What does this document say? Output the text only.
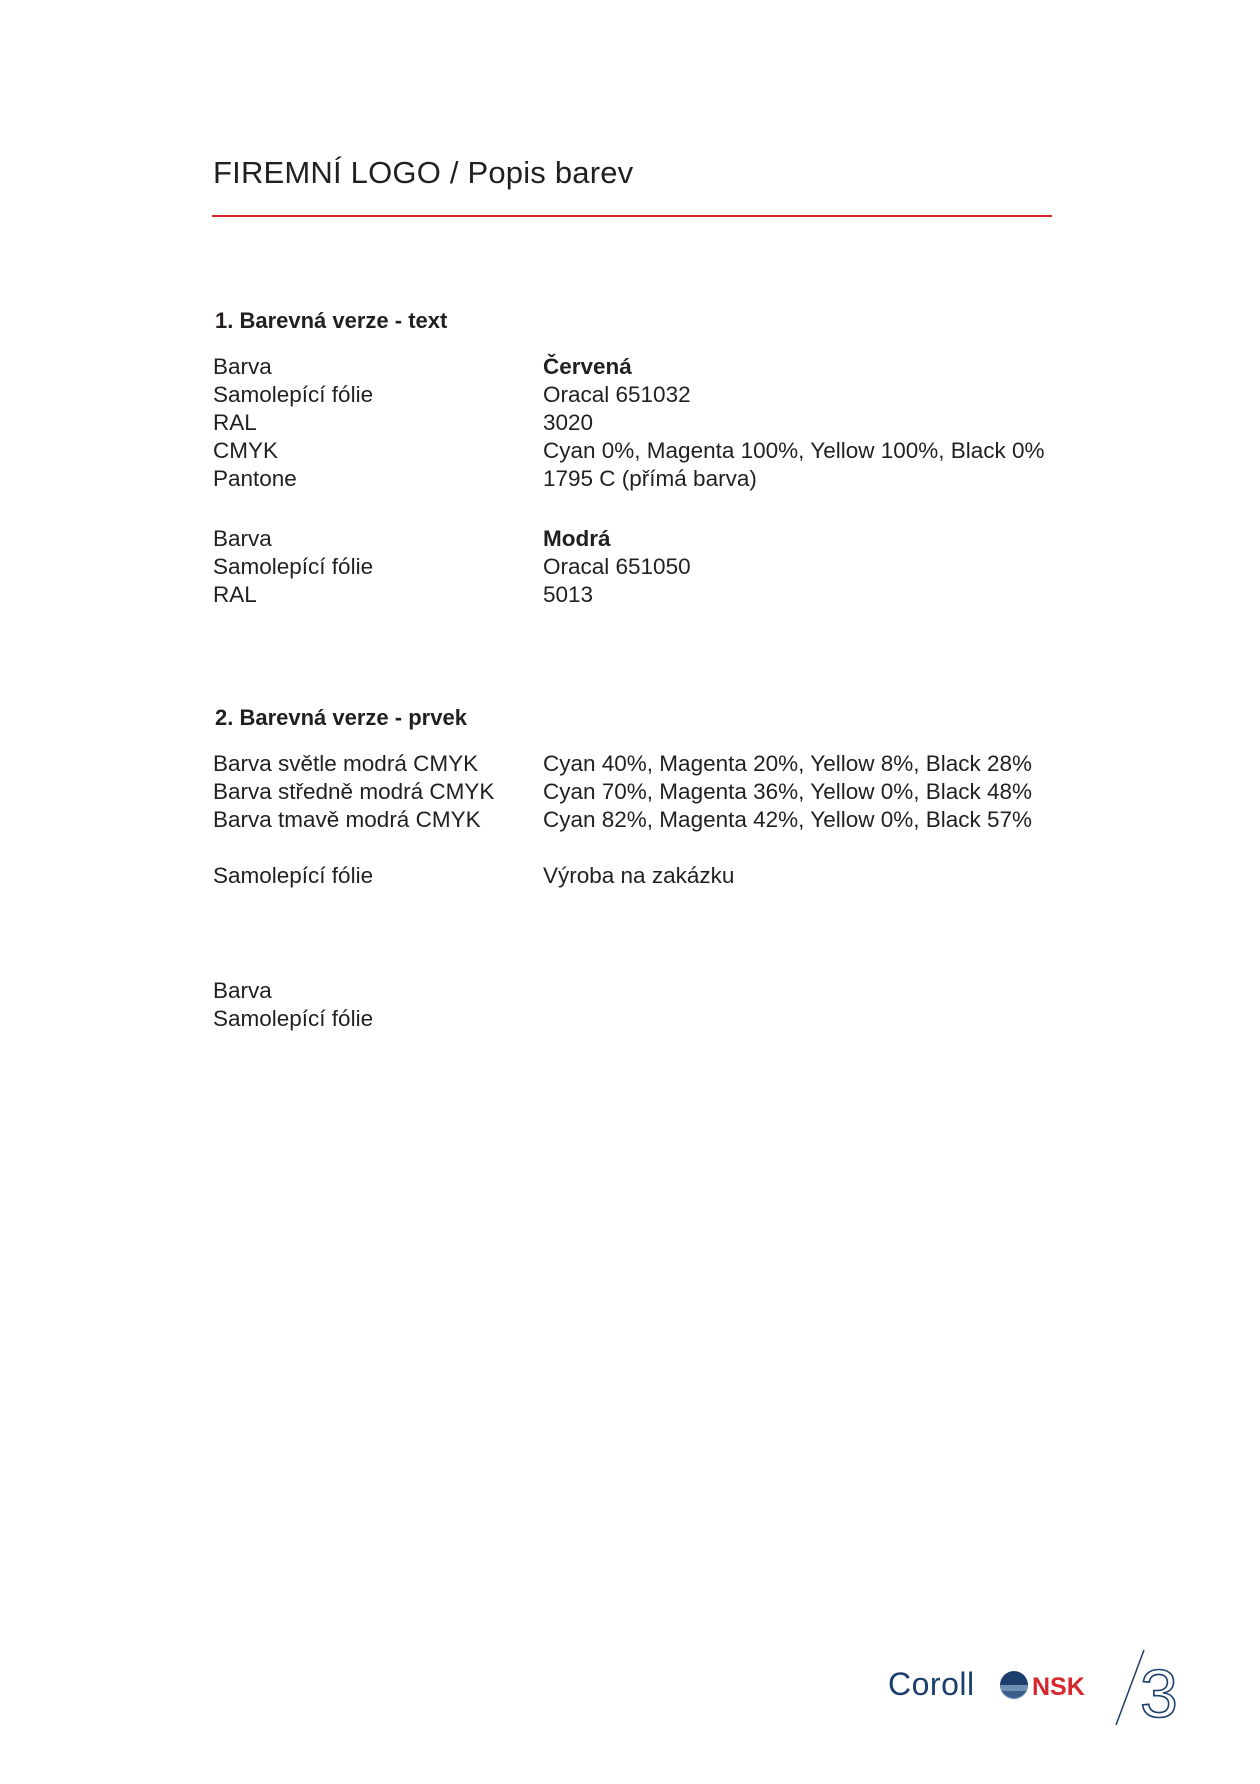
FIREMNÍ LOGO / Popis barev
1. Barevná verze - text
Barva	Červená
Samolepící fólie	Oracal 651032
RAL	3020
CMYK	Cyan 0%, Magenta 100%, Yellow 100%, Black 0%
Pantone	1795 C (přímá barva)
Barva	Modrá
Samolepící fólie	Oracal 651050
RAL	5013
2. Barevná verze - prvek
Barva světle modrá CMYK	Cyan 40%, Magenta 20%, Yellow 8%, Black 28%
Barva středně modrá CMYK Cyan 70%, Magenta 36%, Yellow 0%, Black 48%
Barva tmavě modrá CMYK	Cyan 82%, Magenta 42%, Yellow 0%, Black 57%
Samolepící fólie	Výroba na zakázku
Barva
Samolepící fólie
Coroll NSK 3
